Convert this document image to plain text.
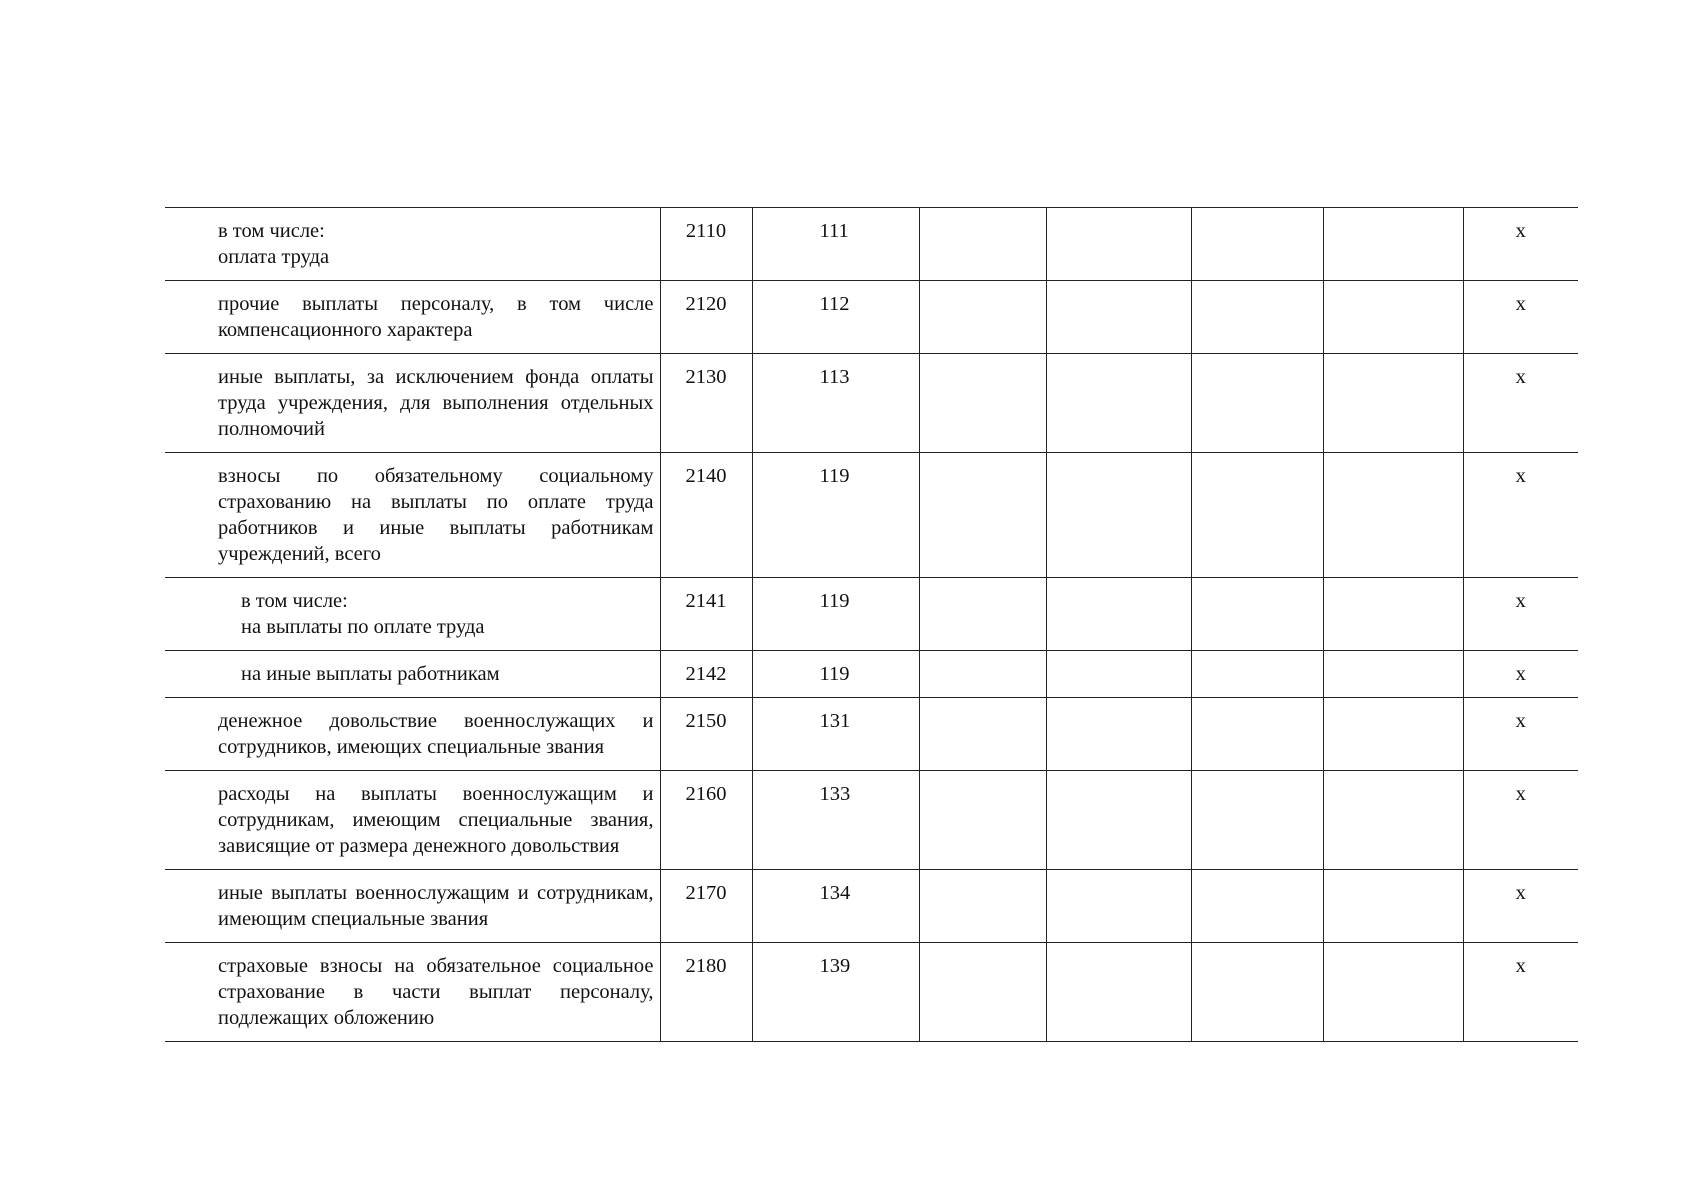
в том числе:
оплата труда	2110	111					x

прочие выплаты персоналу, в том числе компенсационного характера	2120	112					x

иные выплаты, за исключением фонда оплаты труда учреждения, для выполнения отдельных полномочий	2130	113					x

взносы по обязательному социальному страхованию на выплаты по оплате труда работников и иные выплаты работникам учреждений, всего	2140	119					x

в том числе:
на выплаты по оплате труда	2141	119					x

на иные выплаты работникам	2142	119					x

денежное довольствие военнослужащих и сотрудников, имеющих специальные звания	2150	131					x

расходы на выплаты военнослужащим и сотрудникам, имеющим специальные звания, зависящие от размера денежного довольствия	2160	133					x

иные выплаты военнослужащим и сотрудникам, имеющим специальные звания	2170	134					x

страховые взносы на обязательное социальное страхование в части выплат персоналу, подлежащих обложению	2180	139					x
